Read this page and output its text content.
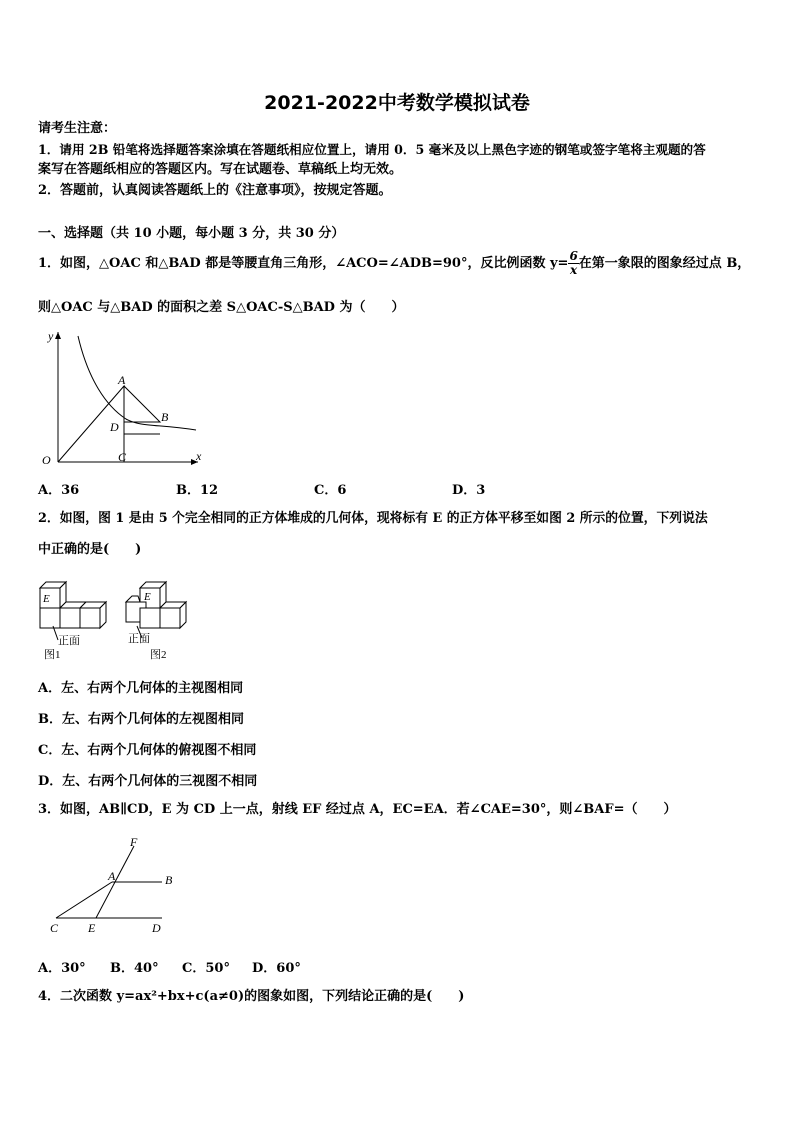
2021-2022中考数学模拟试卷
请考生注意：
1．请用 2B 铅笔将选择题答案涂填在答题纸相应位置上，请用 0．5 毫米及以上黑色字迹的钢笔或签字笔将主观题的答
案写在答题纸相应的答题区内。写在试题卷、草稿纸上均无效。
2．答题前，认真阅读答题纸上的《注意事项》，按规定答题。
一、选择题（共 10 小题，每小题 3 分，共 30 分）
1．如图，△OAC 和△BAD 都是等腰直角三角形，∠ACO=∠ADB=90°，反比例函数 $y= \frac{6}{x}$ 在第一象限的图象经过点 B，
则△OAC 与△BAD 的面积之差 S△OAC-S△BAD 为（　　）
y
x
O
A
B
D
C
A．36	B．12	C．6	D．3
2．如图，图 1 是由 5 个完全相同的正方体堆成的几何体，现将标有 E 的正方体平移至如图 2 所示的位置，下列说法
中正确的是(　　)
E	E
正面	正面
图1	图2
A．左、右两个几何体的主视图相同
B．左、右两个几何体的左视图相同
C．左、右两个几何体的俯视图不相同
D．左、右两个几何体的三视图不相同
3．如图，AB∥CD，E 为 CD 上一点，射线 EF 经过点 A，EC=EA．若∠CAE=30°，则∠BAF=（　　）
F
A	B
C E	D
A．30° B．40° C．50° D．60°
4．二次函数 y=ax²+bx+c(a≠0)的图象如图，下列结论正确的是(　　)
